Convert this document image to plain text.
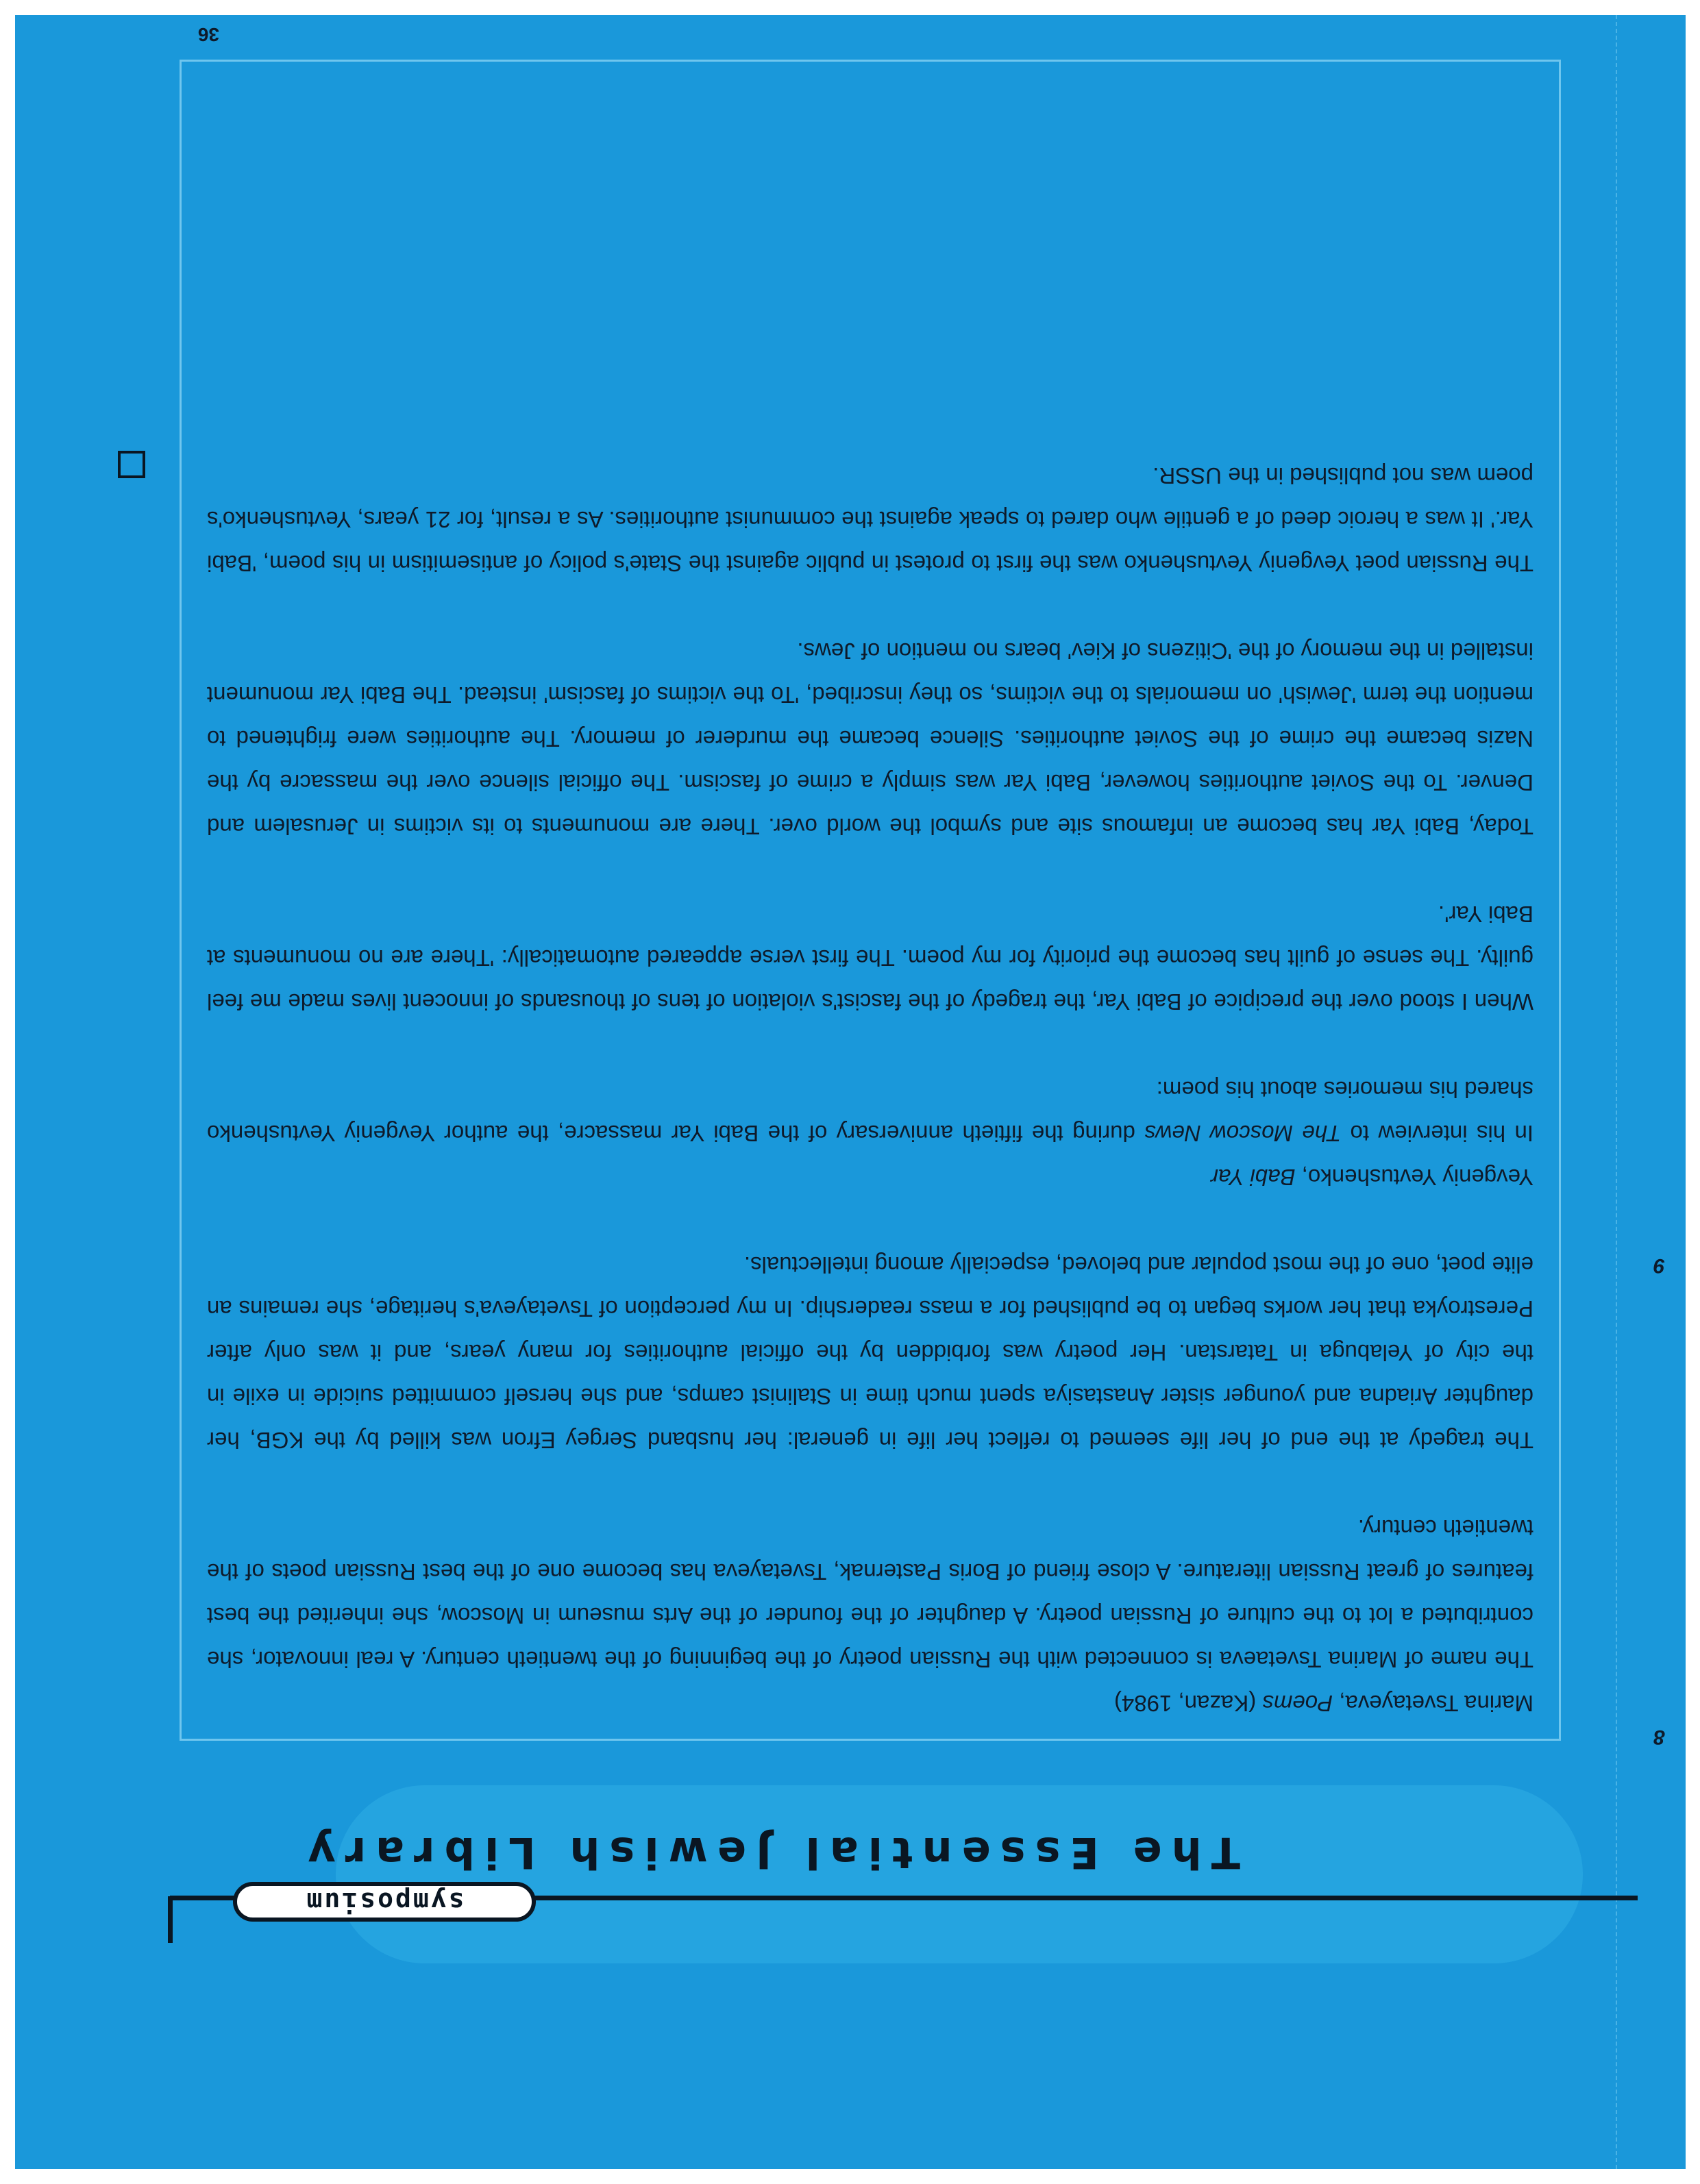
symposium
The Essential Jewish Library

Marina Tsvetayeva, Poems (Kazan, 1984)

The name of Marina Tsvetaeva is connected with the Russian poetry of the beginning of the twentieth century. A real innovator, she contributed a lot to the culture of Russian poetry. A daughter of the founder of the Arts museum in Moscow, she inherited the best features of great Russian literature. A close friend of Boris Pasternak, Tsvetayeva has become one of the best Russian poets of the twentieth century.

The tragedy at the end of her life seemed to reflect her life in general: her husband Sergey Efron was killed by the KGB, her daughter Ariadna and younger sister Anastasiya spent much time in Stalinist camps, and she herself committed suicide in exile in the city of Yelabuga in Tatarstan. Her poetry was forbidden by the official authorities for many years, and it was only after Perestroyka that her works began to be published for a mass readership. In my perception of Tsvetayeva's heritage, she remains an elite poet, one of the most popular and beloved, especially among intellectuals.

Yevgeniy Yevtushenko, Babi Yar

In his interview to The Moscow News during the fiftieth anniversary of the Babi Yar massacre, the author Yevgeniy Yevtushenko shared his memories about his poem:

When I stood over the precipice of Babi Yar, the tragedy of the fascist's violation of tens of thousands of innocent lives made me feel guilty. The sense of guilt has become the priority for my poem. The first verse appeared automatically: 'There are no monuments at Babi Yar'.

Today, Babi Yar has become an infamous site and symbol the world over. There are monuments to its victims in Jerusalem and Denver. To the Soviet authorities however, Babi Yar was simply a crime of fascism. The official silence over the massacre by the Nazis became the crime of the Soviet authorities. Silence became the murderer of memory. The authorities were frightened to mention the term 'Jewish' on memorials to the victims, so they inscribed, 'To the victims of fascism' instead. The Babi Yar monument installed in the memory of the 'Citizens of Kiev' bears no mention of Jews.

The Russian poet Yevgeniy Yevtushenko was the first to protest in public against the State's policy of antisemitism in his poem, 'Babi Yar.' It was a heroic deed of a gentile who dared to speak against the communist authorities. As a result, for 21 years, Yevtushenko's poem was not published in the USSR.

8
9
36
